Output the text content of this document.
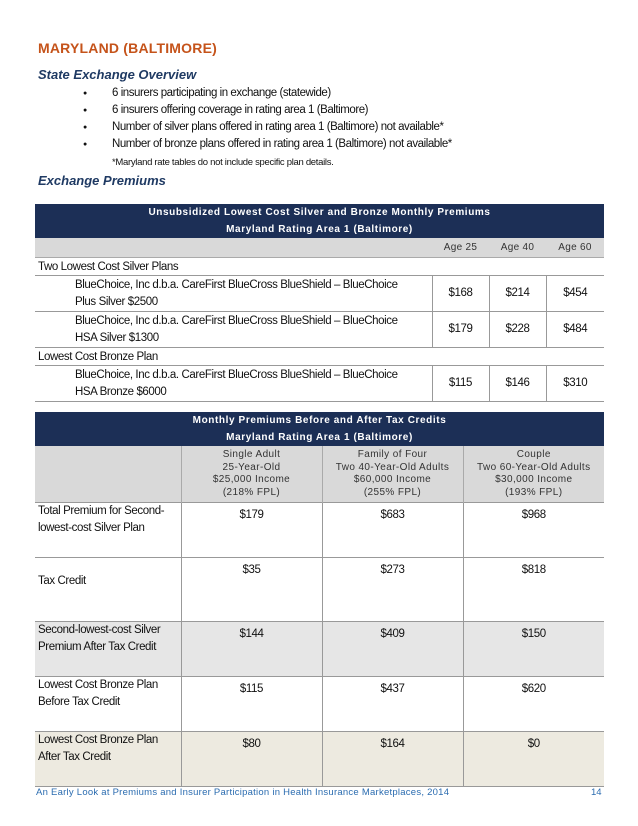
MARYLAND (BALTIMORE)
State Exchange Overview
● 6 insurers participating in exchange (statewide)
● 6 insurers offering coverage in rating area 1 (Baltimore)
● Number of silver plans offered in rating area 1 (Baltimore) not available*
● Number of bronze plans offered in rating area 1 (Baltimore) not available*
*Maryland rate tables do not include specific plan details.
Exchange Premiums
Unsubsidized Lowest Cost Silver and Bronze Monthly Premiums			
Maryland Rating Area 1 (Baltimore)			
	Age 25	Age 40	Age 60
Two Lowest Cost Silver Plans			
BlueChoice, Inc d.b.a. CareFirst BlueCross BlueShield – BlueChoice
Plus Silver $2500	$168	$214	$454
BlueChoice, Inc d.b.a. CareFirst BlueCross BlueShield – BlueChoice
HSA Silver $1300	$179	$228	$484
Lowest Cost Bronze Plan			
BlueChoice, Inc d.b.a. CareFirst BlueCross BlueShield – BlueChoice
HSA Bronze $6000	$115	$146	$310
Monthly Premiums Before and After Tax Credits			
Maryland Rating Area 1 (Baltimore)			
	Single Adult
25-Year-Old
$25,000 Income
(218% FPL)	Family of Four
Two 40-Year-Old Adults
$60,000 Income
(255% FPL)	Couple
Two 60-Year-Old Adults
$30,000 Income
(193% FPL)
Total Premium for Second-
lowest-cost Silver Plan	$179	$683	$968
Tax Credit	$35	$273	$818
Second-lowest-cost Silver
Premium After Tax Credit	$144	$409	$150
Lowest Cost Bronze Plan
Before Tax Credit	$115	$437	$620
Lowest Cost Bronze Plan
After Tax Credit	$80	$164	$0
An Early Look at Premiums and Insurer Participation in Health Insurance Marketplaces, 2014	14
